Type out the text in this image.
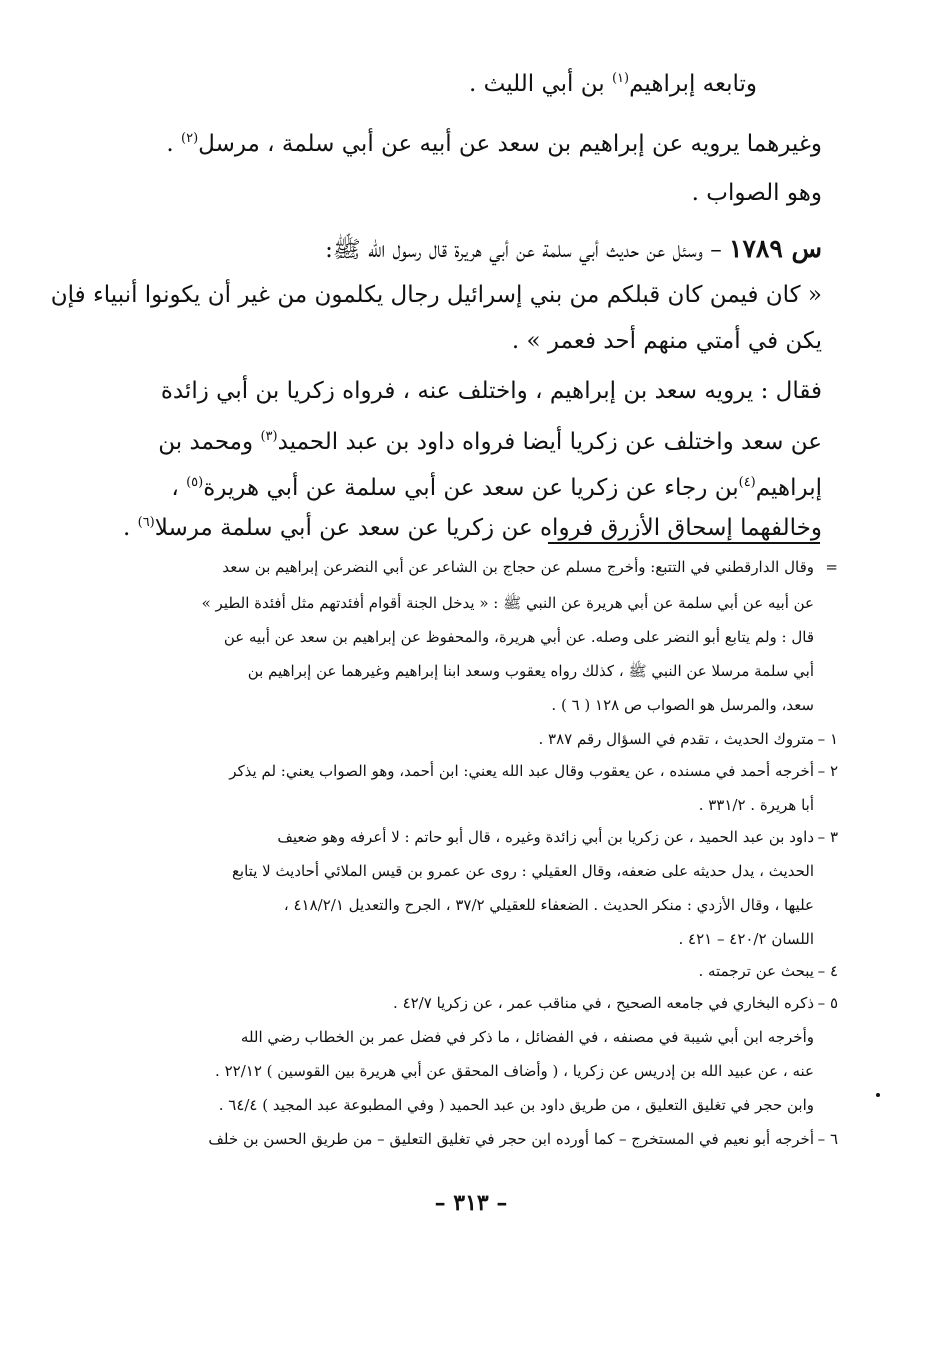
وتابعه إبراهيم$^{(١)}$ بن أبي الليث .
وغيرهما يرويه عن إبراهيم بن سعد عن أبيه عن أبي سلمة ، مرسل$^{(٢)}$ .
وهو الصواب .
س ١٧٨٩ – وسئل عن حديث أبي سلمة عن أبي هريرة قال رسول الله ﷺ:
« كان فيمن كان قبلكم من بني إسرائيل رجال يكلمون من غير أن يكونوا أنبياء فإن
يكن في أمتي منهم أحد فعمر » .
فقال : يرويه سعد بن إبراهيم ، واختلف عنه ، فرواه زكريا بن أبي زائدة
عن سعد واختلف عن زكريا أيضا فرواه داود بن عبد الحميد$^{(٣)}$ ومحمد بن
إبراهيم$^{(٤)}$بن رجاء عن زكريا عن سعد عن أبي سلمة عن أبي هريرة$^{(٥)}$ ،
وخالفهما إسحاق الأزرق فرواه عن زكريا عن سعد عن أبي سلمة مرسلا$^{(٦)}$ .
=
وقال الدارقطني في التتبع: وأخرج مسلم عن حجاج بن الشاعر عن أبي النضرعن إبراهيم بن سعد
عن أبيه عن أبي سلمة عن أبي هريرة عن النبي ﷺ : « يدخل الجنة أقوام أفئدتهم مثل أفئدة الطير »
قال : ولم يتابع أبو النضر على وصله. عن أبي هريرة، والمحفوظ عن إبراهيم بن سعد عن أبيه عن
أبي سلمة مرسلا عن النبي ﷺ ، كذلك رواه يعقوب وسعد ابنا إبراهيم وغيرهما عن إبراهيم بن
سعد، والمرسل هو الصواب ص ١٢٨ ( ٦ ) .
١ –
متروك الحديث ، تقدم في السؤال رقم ٣٨٧ .
٢ –
أخرجه أحمد في مسنده ، عن يعقوب وقال عبد الله يعني: ابن أحمد، وهو الصواب يعني: لم يذكر
أبا هريرة . ٣٣١/٢ .
٣ –
داود بن عبد الحميد ، عن زكريا بن أبي زائدة وغيره ، قال أبو حاتم : لا أعرفه وهو ضعيف
الحديث ، يدل حديثه على ضعفه، وقال العقيلي : روى عن عمرو بن قيس الملائي أحاديث لا يتابع
عليها ، وقال الأزدي : منكر الحديث . الضعفاء للعقيلي ٣٧/٢ ، الجرح والتعديل ٤١٨/٢/١ ،
اللسان ٤٢٠/٢ – ٤٢١ .
٤ –
يبحث عن ترجمته .
٥ –
ذكره البخاري في جامعه الصحيح ، في مناقب عمر ، عن زكريا ٤٢/٧ .
وأخرجه ابن أبي شيبة في مصنفه ، في الفضائل ، ما ذكر في فضل عمر بن الخطاب رضي الله
عنه ، عن عبيد الله بن إدريس عن زكريا ، ( وأضاف المحقق عن أبي هريرة بين القوسين ) ٢٢/١٢ .
وابن حجر في تغليق التعليق ، من طريق داود بن عبد الحميد ( وفي المطبوعة عبد المجيد ) ٦٤/٤ .
٦ –
أخرجه أبو نعيم في المستخرج – كما أورده ابن حجر في تغليق التعليق – من طريق الحسن بن خلف
– ٣١٣ –
